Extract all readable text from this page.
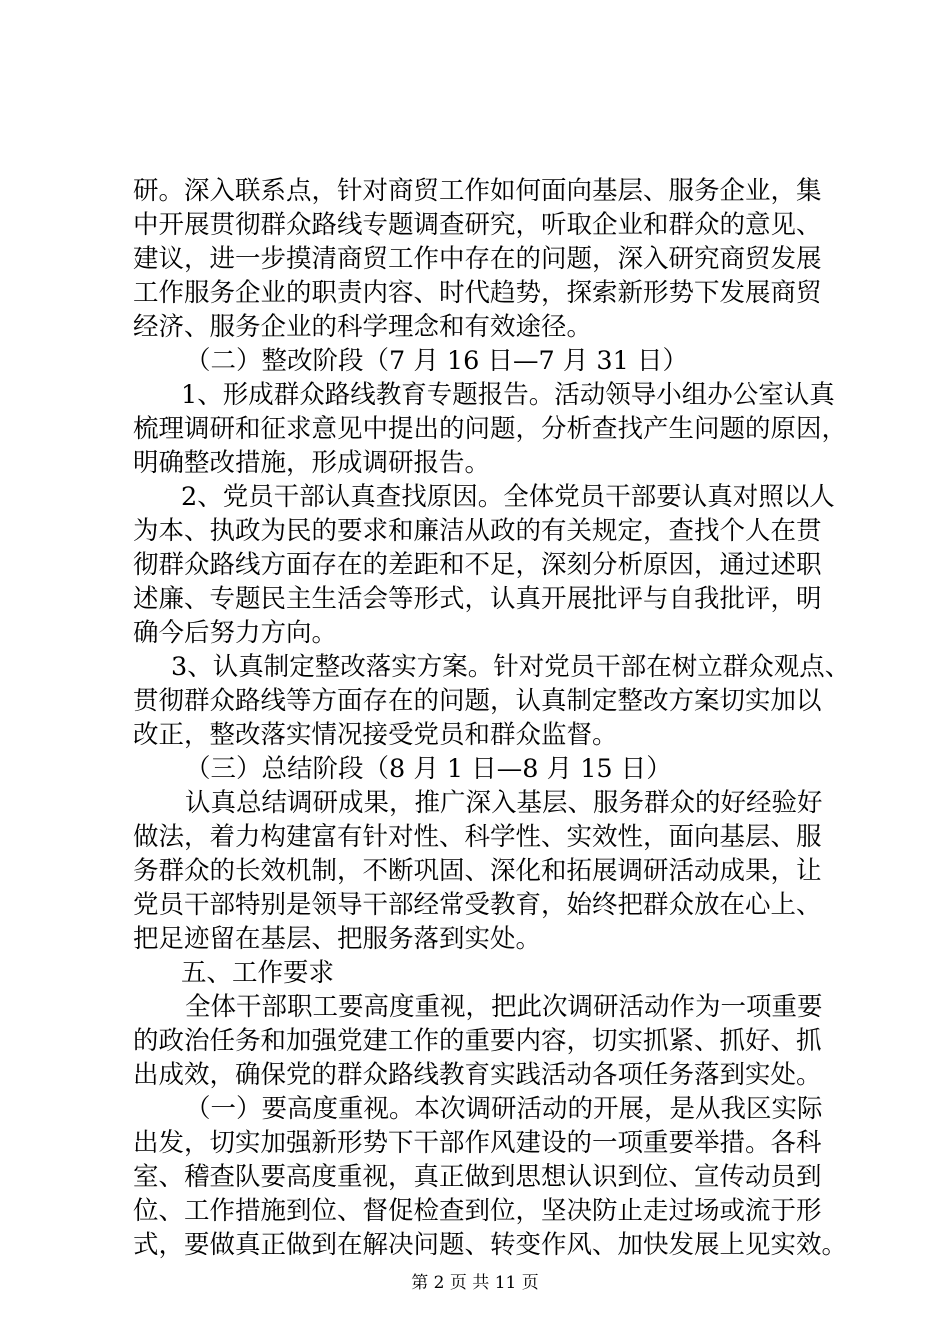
研。深入联系点，针对商贸工作如何面向基层、服务企业，集
中开展贯彻群众路线专题调查研究，听取企业和群众的意见、
建议，进一步摸清商贸工作中存在的问题，深入研究商贸发展
工作服务企业的职责内容、时代趋势，探索新形势下发展商贸
经济、服务企业的科学理念和有效途径。
（二）整改阶段（7 月 16 日—7 月 31 日）
1、形成群众路线教育专题报告。活动领导小组办公室认真
梳理调研和征求意见中提出的问题，分析查找产生问题的原因，
明确整改措施，形成调研报告。
2、党员干部认真查找原因。全体党员干部要认真对照以人
为本、执政为民的要求和廉洁从政的有关规定，查找个人在贯
彻群众路线方面存在的差距和不足，深刻分析原因，通过述职
述廉、专题民主生活会等形式，认真开展批评与自我批评，明
确今后努力方向。
3、认真制定整改落实方案。针对党员干部在树立群众观点、
贯彻群众路线等方面存在的问题，认真制定整改方案切实加以
改正，整改落实情况接受党员和群众监督。
（三）总结阶段（8 月 1 日—8 月 15 日）
认真总结调研成果，推广深入基层、服务群众的好经验好
做法，着力构建富有针对性、科学性、实效性，面向基层、服
务群众的长效机制，不断巩固、深化和拓展调研活动成果，让
党员干部特别是领导干部经常受教育，始终把群众放在心上、
把足迹留在基层、把服务落到实处。
五、工作要求
全体干部职工要高度重视，把此次调研活动作为一项重要
的政治任务和加强党建工作的重要内容，切实抓紧、抓好、抓
出成效，确保党的群众路线教育实践活动各项任务落到实处。
（一）要高度重视。本次调研活动的开展，是从我区实际
出发，切实加强新形势下干部作风建设的一项重要举措。各科
室、稽查队要高度重视，真正做到思想认识到位、宣传动员到
位、工作措施到位、督促检查到位，坚决防止走过场或流于形
式，要做真正做到在解决问题、转变作风、加快发展上见实效。
第 2 页 共 11 页
